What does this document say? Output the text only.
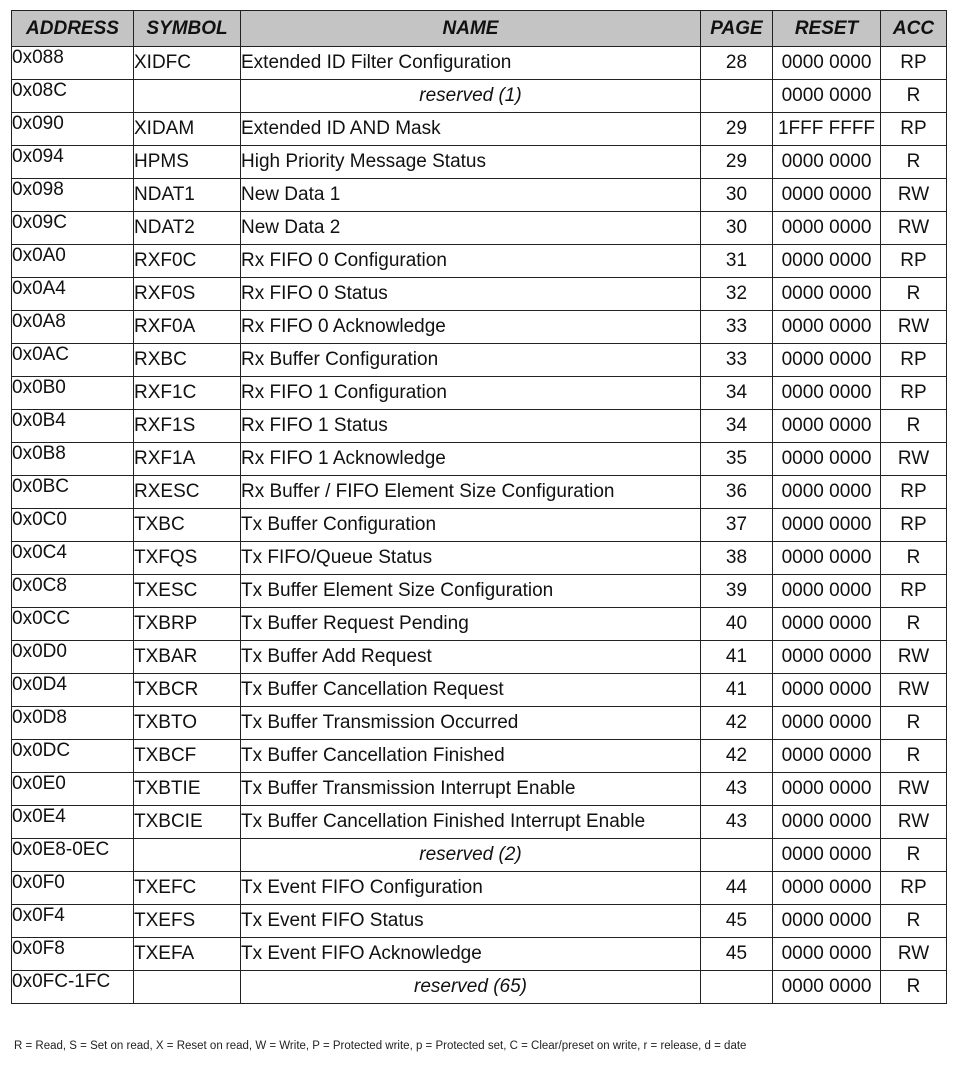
ADDRESS	SYMBOL	NAME	PAGE	RESET	ACC
0x088	XIDFC	Extended ID Filter Configuration	28	0000 0000	RP
0x08C		reserved (1)		0000 0000	R
0x090	XIDAM	Extended ID AND Mask	29	1FFF FFFF	RP
0x094	HPMS	High Priority Message Status	29	0000 0000	R
0x098	NDAT1	New Data 1	30	0000 0000	RW
0x09C	NDAT2	New Data 2	30	0000 0000	RW
0x0A0	RXF0C	Rx FIFO 0 Configuration	31	0000 0000	RP
0x0A4	RXF0S	Rx FIFO 0 Status	32	0000 0000	R
0x0A8	RXF0A	Rx FIFO 0 Acknowledge	33	0000 0000	RW
0x0AC	RXBC	Rx Buffer Configuration	33	0000 0000	RP
0x0B0	RXF1C	Rx FIFO 1 Configuration	34	0000 0000	RP
0x0B4	RXF1S	Rx FIFO 1 Status	34	0000 0000	R
0x0B8	RXF1A	Rx FIFO 1 Acknowledge	35	0000 0000	RW
0x0BC	RXESC	Rx Buffer / FIFO Element Size Configuration	36	0000 0000	RP
0x0C0	TXBC	Tx Buffer Configuration	37	0000 0000	RP
0x0C4	TXFQS	Tx FIFO/Queue Status	38	0000 0000	R
0x0C8	TXESC	Tx Buffer Element Size Configuration	39	0000 0000	RP
0x0CC	TXBRP	Tx Buffer Request Pending	40	0000 0000	R
0x0D0	TXBAR	Tx Buffer Add Request	41	0000 0000	RW
0x0D4	TXBCR	Tx Buffer Cancellation Request	41	0000 0000	RW
0x0D8	TXBTO	Tx Buffer Transmission Occurred	42	0000 0000	R
0x0DC	TXBCF	Tx Buffer Cancellation Finished	42	0000 0000	R
0x0E0	TXBTIE	Tx Buffer Transmission Interrupt Enable	43	0000 0000	RW
0x0E4	TXBCIE	Tx Buffer Cancellation Finished Interrupt Enable	43	0000 0000	RW
0x0E8-0EC		reserved (2)		0000 0000	R
0x0F0	TXEFC	Tx Event FIFO Configuration	44	0000 0000	RP
0x0F4	TXEFS	Tx Event FIFO Status	45	0000 0000	R
0x0F8	TXEFA	Tx Event FIFO Acknowledge	45	0000 0000	RW
0x0FC-1FC		reserved (65)		0000 0000	R
R = Read, S = Set on read, X = Reset on read, W = Write, P = Protected write, p = Protected set, C = Clear/preset on write, r = release, d = date
